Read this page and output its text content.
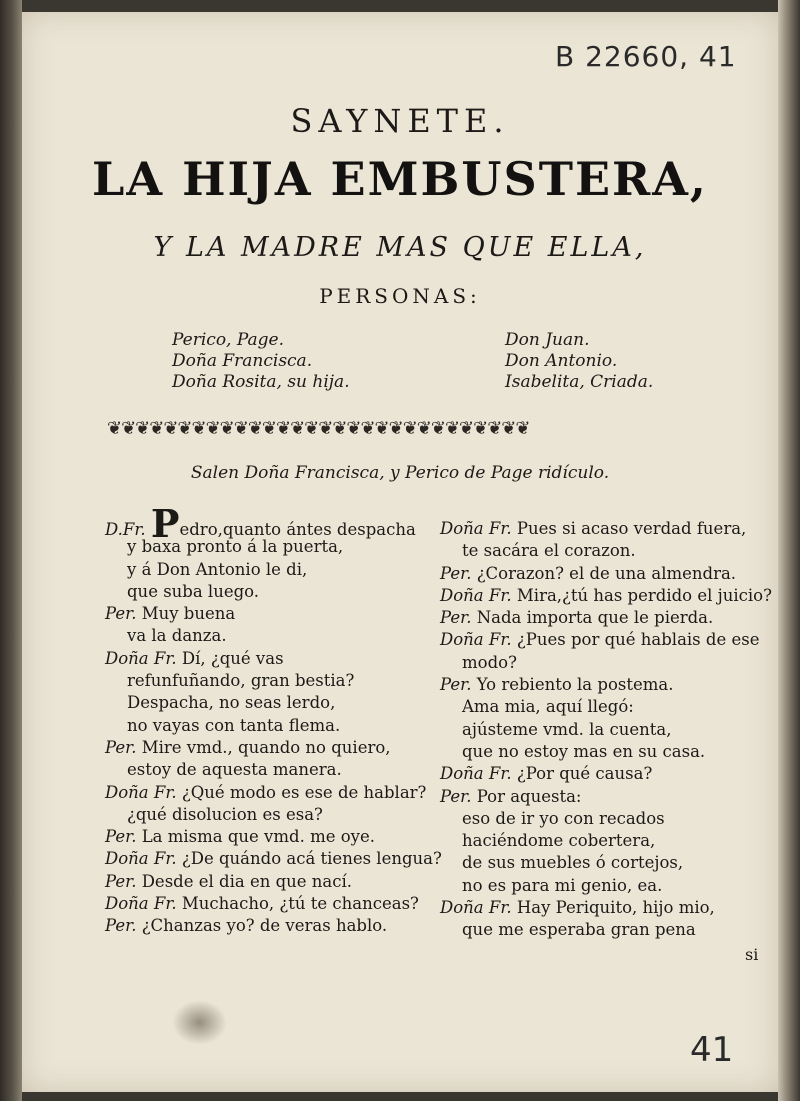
B 22660, 41
SAYNETE.
LA HIJA EMBUSTERA,
Y LA MADRE MAS QUE ELLA,
PERSONAS:
Perico, Page.
Doña Francisca.
Doña Rosita, su hija.
Don Juan.
Don Antonio.
Isabelita, Criada.
❦❦❦❦❦❦❦❦❦❦❦❦❦❦❦❦❦❦❦❦❦❦❦❦❦❦❦❦❦❦
Salen Doña Francisca, y Perico de Page ridículo.
D.Fr. Pedro,quanto ántes despacha
y baxa pronto á la puerta,
y á Don Antonio le di,
que suba luego.
Per. Muy buena
va la danza.
Doña Fr. Dí, ¿qué vas
refunfuñando, gran bestia?
Despacha, no seas lerdo,
no vayas con tanta flema.
Per. Mire vmd., quando no quiero,
estoy de aquesta manera.
Doña Fr. ¿Qué modo es ese de hablar?
¿qué disolucion es esa?
Per. La misma que vmd. me oye.
Doña Fr. ¿De quándo acá tienes lengua?
Per. Desde el dia en que nací.
Doña Fr. Muchacho, ¿tú te chanceas?
Per. ¿Chanzas yo? de veras hablo.
Doña Fr. Pues si acaso verdad fuera,
te sacára el corazon.
Per. ¿Corazon? el de una almendra.
Doña Fr. Mira,¿tú has perdido el juicio?
Per. Nada importa que le pierda.
Doña Fr. ¿Pues por qué hablais de ese
modo?
Per. Yo rebiento la postema.
Ama mia, aquí llegó:
ajústeme vmd. la cuenta,
que no estoy mas en su casa.
Doña Fr. ¿Por qué causa?
Per. Por aquesta:
eso de ir yo con recados
haciéndome cobertera,
de sus muebles ó cortejos,
no es para mi genio, ea.
Doña Fr. Hay Periquito, hijo mio,
que me esperaba gran pena
si
41
